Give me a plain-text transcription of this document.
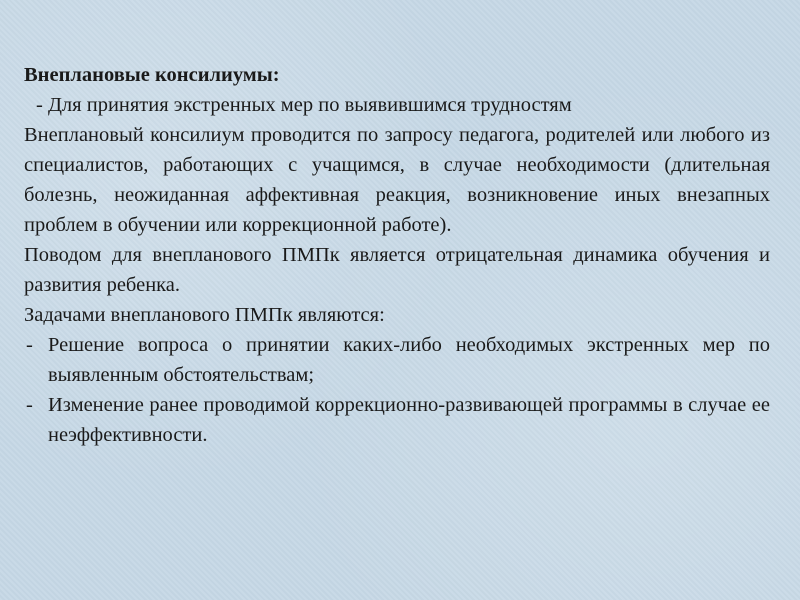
Внеплановые консилиумы:

- Для принятия экстренных мер по выявившимся трудностям

Внеплановый консилиум проводится по запросу педагога, родителей или любого из специалистов, работающих с учащимся, в случае необходимости (длительная болезнь, неожиданная аффективная реакция, возникновение иных внезапных проблем в обучении или коррекционной работе).

Поводом для внепланового ПМПк является отрицательная динамика обучения и развития ребенка.

Задачами внепланового ПМПк являются:

- Решение вопроса о принятии каких-либо необходимых экстренных мер по выявленным обстоятельствам;
- Изменение ранее проводимой коррекционно-развивающей программы в случае ее неэффективности.
